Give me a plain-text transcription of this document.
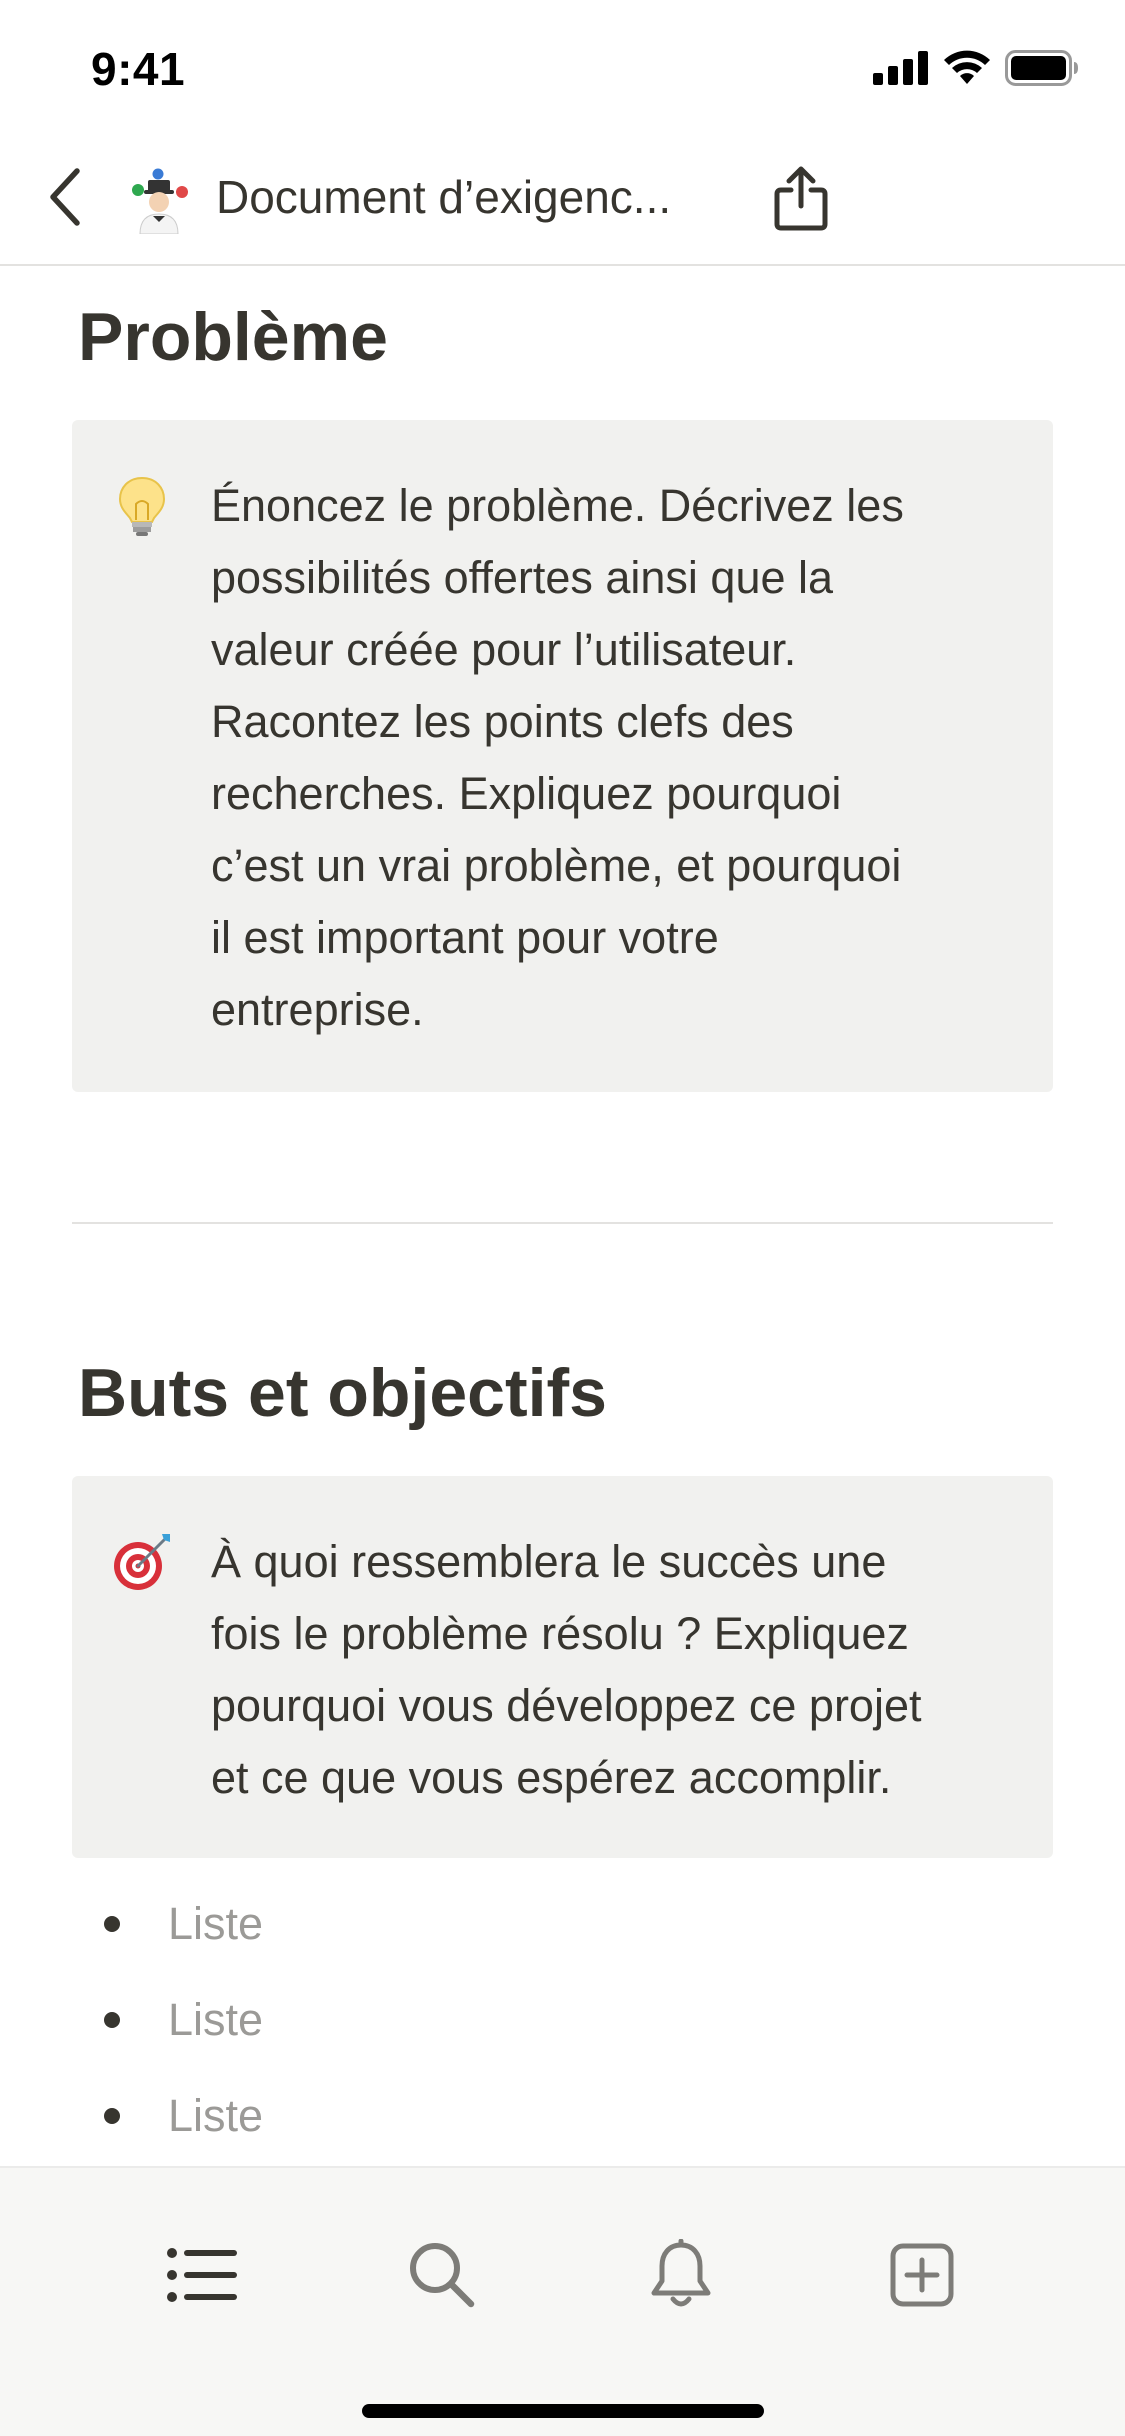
9:41
Document d’exigenc...
Problème
Énoncez le problème. Décrivez les
possibilités offertes ainsi que la
valeur créée pour l’utilisateur.
Racontez les points clefs des
recherches. Expliquez pourquoi
c’est un vrai problème, et pourquoi
il est important pour votre
entreprise.
Buts et objectifs
À quoi ressemblera le succès une
fois le problème résolu ? Expliquez
pourquoi vous développez ce projet
et ce que vous espérez accomplir.
Liste
Liste
Liste
